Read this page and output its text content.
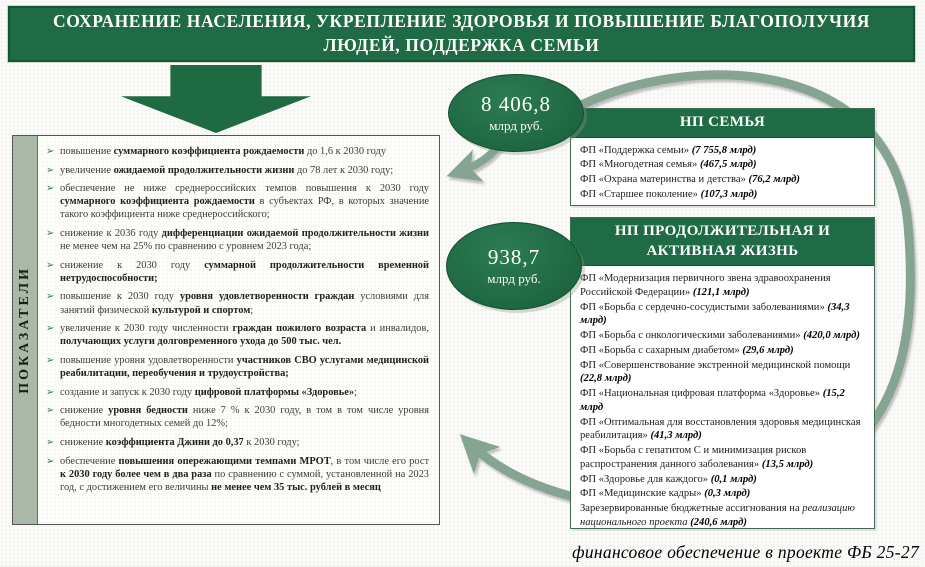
СОХРАНЕНИЕ НАСЕЛЕНИЯ, УКРЕПЛЕНИЕ ЗДОРОВЬЯ И ПОВЫШЕНИЕ БЛАГОПОЛУЧИЯ ЛЮДЕЙ, ПОДДЕРЖКА СЕМЬИ
ПОКАЗАТЕЛИ
➢ повышение суммарного коэффициента рождаемости до 1,6 к 2030 году
➢ увеличение ожидаемой продолжительности жизни до 78 лет к 2030 году;
➢ обеспечение не ниже среднероссийских темпов повышения к 2030 году суммарного коэффициента рождаемости в субъектах РФ, в которых значение такого коэффициента ниже среднероссийского;
➢ снижение к 2036 году дифференциации ожидаемой продолжительности жизни не менее чем на 25% по сравнению с уровнем 2023 года;
➢ снижение к 2030 году суммарной продолжительности временной нетрудоспособности;
➢ повышение к 2030 году уровня удовлетворенности граждан условиями для занятий физической культурой и спортом;
➢ увеличение к 2030 году численности граждан пожилого возраста и инвалидов, получающих услуги долговременного ухода до 500 тыс. чел.
➢ повышение уровня удовлетворенности участников СВО услугами медицинской реабилитации, переобучения и трудоустройства;
➢ создание и запуск к 2030 году цифровой платформы «Здоровье»;
➢ снижение уровня бедности ниже 7 % к 2030 году, в том в том числе уровня бедности многодетных семей до 12%;
➢ снижение коэффициента Джини до 0,37 к 2030 году;
➢ обеспечение повышения опережающими темпами МРОТ, в том числе его рост к 2030 году более чем в два раза по сравнению с суммой, установленной на 2023 год, с достижением его величины не менее чем 35 тыс. рублей в месяц
8 406,8
млрд руб.
938,7
млрд руб.
НП СЕМЬЯ
ФП «Поддержка семьи» (7 755,8 млрд)
ФП «Многодетная семья» (467,5 млрд)
ФП «Охрана материнства и детства» (76,2 млрд)
ФП «Старшее поколение» (107,3 млрд)
НП ПРОДОЛЖИТЕЛЬНАЯ И АКТИВНАЯ ЖИЗНЬ
ФП «Модернизация первичного звена здравоохранения Российской Федерации» (121,1 млрд)
ФП «Борьба с сердечно-сосудистыми заболеваниями» (34,3 млрд)
ФП «Борьба с онкологическими заболеваниями» (420,0 млрд)
ФП «Борьба с сахарным диабетом» (29,6 млрд)
ФП «Совершенствование экстренной медицинской помощи (22,8 млрд)
ФП «Национальная цифровая платформа «Здоровье» (15,2 млрд
ФП «Оптимальная для восстановления здоровья медицинская реабилитация» (41,3 млрд)
ФП «Борьба с гепатитом С и минимизация рисков распространения данного заболевания» (13,5 млрд)
ФП «Здоровье для каждого» (0,1 млрд)
ФП «Медицинские кадры» (0,3 млрд)
Зарезервированные бюджетные ассигнования на реализацию национального проекта (240,6 млрд)
финансовое обеспечение в проекте ФБ 25-27
